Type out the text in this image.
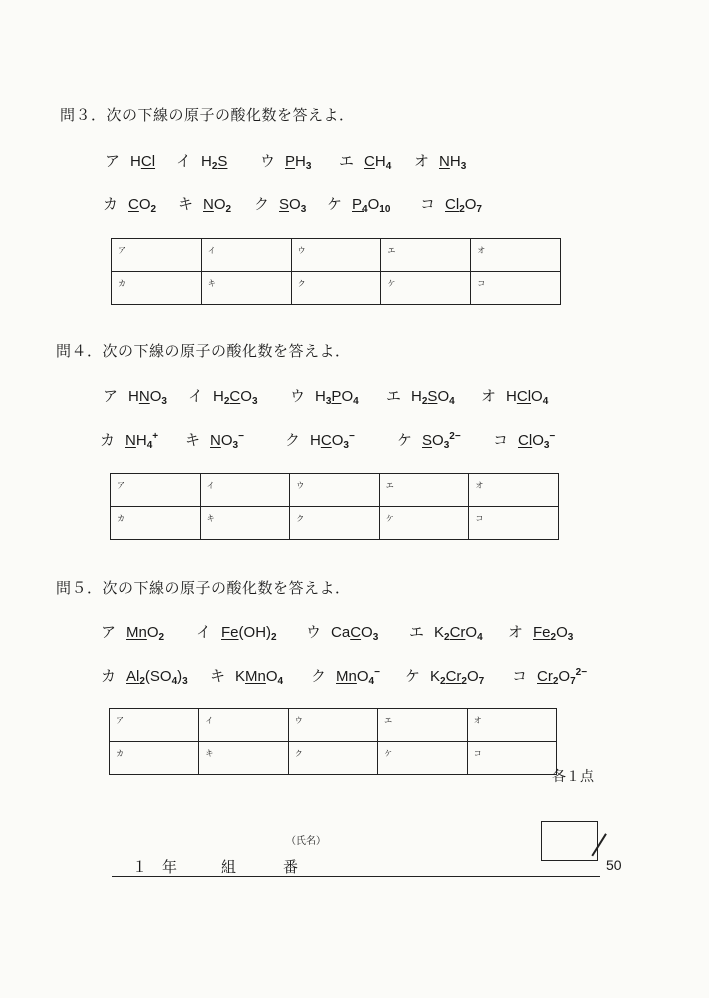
問３．次の下線の原子の酸化数を答えよ．
ア HCl イ $H_2S$ ウ $PH_3$ エ $CH_4$ オ $NH_3$
カ $CO_2$ キ $NO_2$ ク $SO_3$ ケ $P_4O_{10}$ コ $Cl_2O_7$
ア	イ	ウ	エ	オ
カ	キ	ク	ケ	コ
問４．次の下線の原子の酸化数を答えよ．
ア $HNO_3$ イ $H_2CO_3$ ウ $H_3PO_4$ エ $H_2SO_4$ オ HClO$_4$
カ $NH_4^+$ キ $NO_3^-$	ク $HCO_3^-$	ケ $SO_3^{2-}$ コ ClO$_3$−
ア	イ	ウ	エ	オ
カ	キ	ク	ケ	コ
問５．次の下線の原子の酸化数を答えよ．
ア MnO$_2$ イ $Fe(OH)_2$ ウ CaCO$_3$ エ $K_2CrO_4$ オ $Fe_2O_3$
カ $Al_2(SO_4)_3$ キ KMnO$_4$ ク MnO$_4$− ケ $K_2Cr_2O_7$ コ $Cr_2O_7^{2-}$
ア	イ	ウ	エ	オ
カ	キ	ク	ケ	コ
各１点
（氏名）
１　年	組	番	50
